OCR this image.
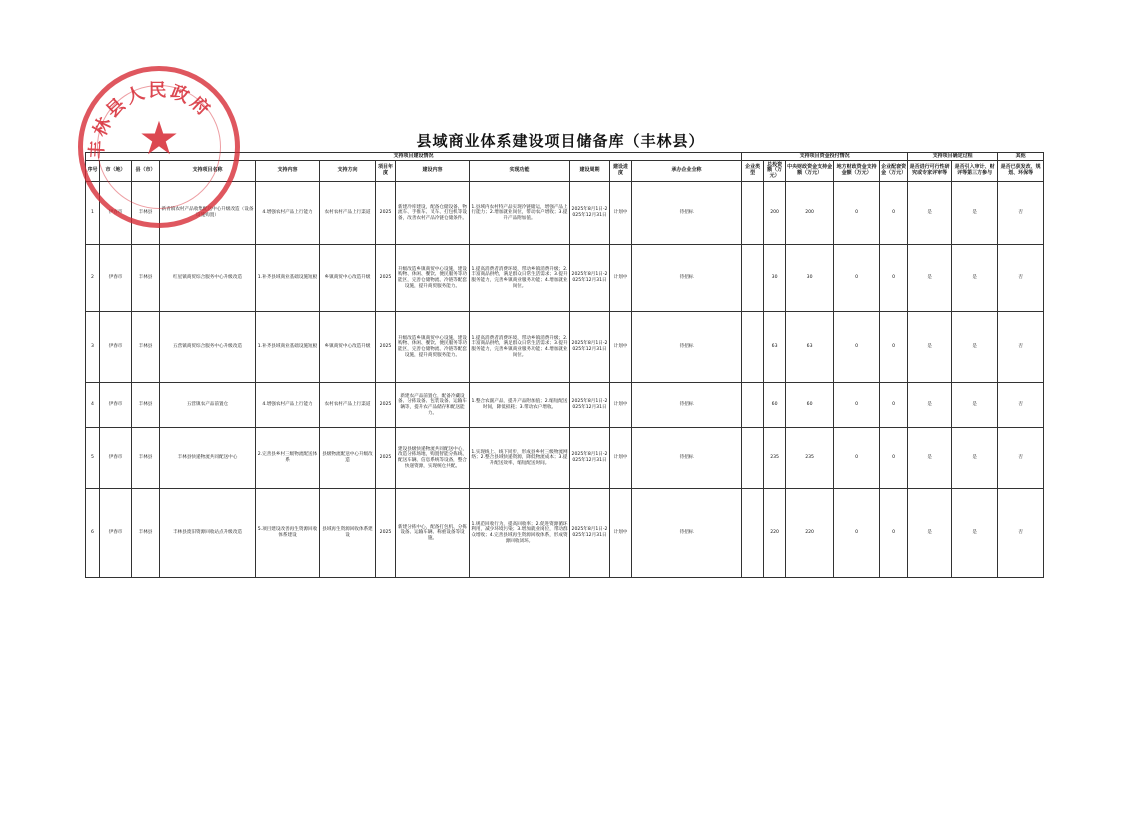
县域商业体系建设项目储备库（丰林县）
支持项目建设情况												支持项目资金投付情况					支持项目确定过程		其他
序号	市（地）	县（市）	支持项目名称	支持内容	支持方向	项目年度	建设内容	实现功能	建设周期	建设进度	承办企业全称	企业类型	总投资额（万元）	中央财政资金支持金额（万元）	地方财政资金支持金额（万元）	企业配套资金（万元）	是否进行可行性研究或专家评审等	是否引入审计、财评等第三方参与	是否已获发改、规划、环保等
1	伊春市	丰林县	新青镇农村产品收集配送中心升级改造（设备设施购置）	4.增强农村产品上行能力	农村农村产品上行渠道	2025	新建冷库建设，配备仓储设备、物流车、手推车、叉车、打包机等设备，改善农村产品冷链仓储条件。	1.县域内农村特产品实现冷链储运，增强产品上行能力；2.增加就业岗位，带动农户增收；3.提升产品附加值。	2025年8月1日-2025年12月31日	计划中	待招标		200	200	0	0	是	是	否
2	伊春市	丰林县	红星镇商贸综合服务中心升级改造	1.补齐县域商业基础设施短板	乡镇商贸中心改造升级	2025	升级改造乡镇商贸中心设施，建设购物、休闲、餐饮、便民服务等功能区，完善仓储物流、冷链等配套设施，提升商贸服务能力。	1.提高消费者消费环境，带动乡镇消费升级；2.丰富商品供给，满足群众日常生活需求；3.提升服务能力，完善乡镇商业服务功能；4.增加就业岗位。	2025年8月1日-2025年12月31日	计划中	待招标		30	30	0	0	是	是	否
3	伊春市	丰林县	五营镇商贸综合服务中心升级改造	1.补齐县域商业基础设施短板	乡镇商贸中心改造升级	2025	升级改造乡镇商贸中心设施，建设购物、休闲、餐饮、便民服务等功能区，完善仓储物流、冷链等配套设施，提升商贸服务能力。	1.提高消费者消费环境，带动乡镇消费升级；2.丰富商品供给，满足群众日常生活需求；3.提升服务能力，完善乡镇商业服务功能；4.增加就业岗位。	2025年8月1日-2025年12月31日	计划中	待招标		63	63	0	0	是	是	否
4	伊春市	丰林县	五营镇农产品前置仓	4.增强农村产品上行能力	农村农村产品上行渠道	2025	新建农产品前置仓，配备冷藏设备、分拣设备、包装设备、运输车辆等，提升农产品储存和配送能力。	1.整合农副产品，提升产品附加值；2.缩短配送时间，降低损耗；3.带动农户增收。	2025年8月1日-2025年12月31日	计划中	待招标		60	60	0	0	是	是	否
5	伊春市	丰林县	丰林县快递物流共同配送中心	2.完善县乡村三级物流配送体系	县级物流配送中心升级改造	2025	建设县级快递物流共同配送中心，改造分拣场地，购置智能分拣线、配送车辆、信息系统等设备，整合快递资源，实现统仓共配。	1.实现线上、线下同步，形成县乡村三级物流网络；2.整合县域快递资源，降低物流成本；3.提升配送效率，缩短配送时间。	2025年8月1日-2025年12月31日	计划中	待招标		235	235	0	0	是	是	否
6	伊春市	丰林县	丰林县废旧资源回收站点升级改造	5.项目建设改善再生资源回收体系建设	县域再生资源回收体系建设	2025	新建分拣中心，配备打包机、分拣设备、运输车辆、称重设备等设施。	1.规范回收行为，提高回收率；2.促进资源循环利用，减少环境污染；3.增加就业岗位，带动群众增收；4.完善县域再生资源回收体系，形成资源回收闭环。	2025年8月1日-2025年12月31日	计划中	待招标		220	220	0	0	是	是	否
★
丰林县人民政府
